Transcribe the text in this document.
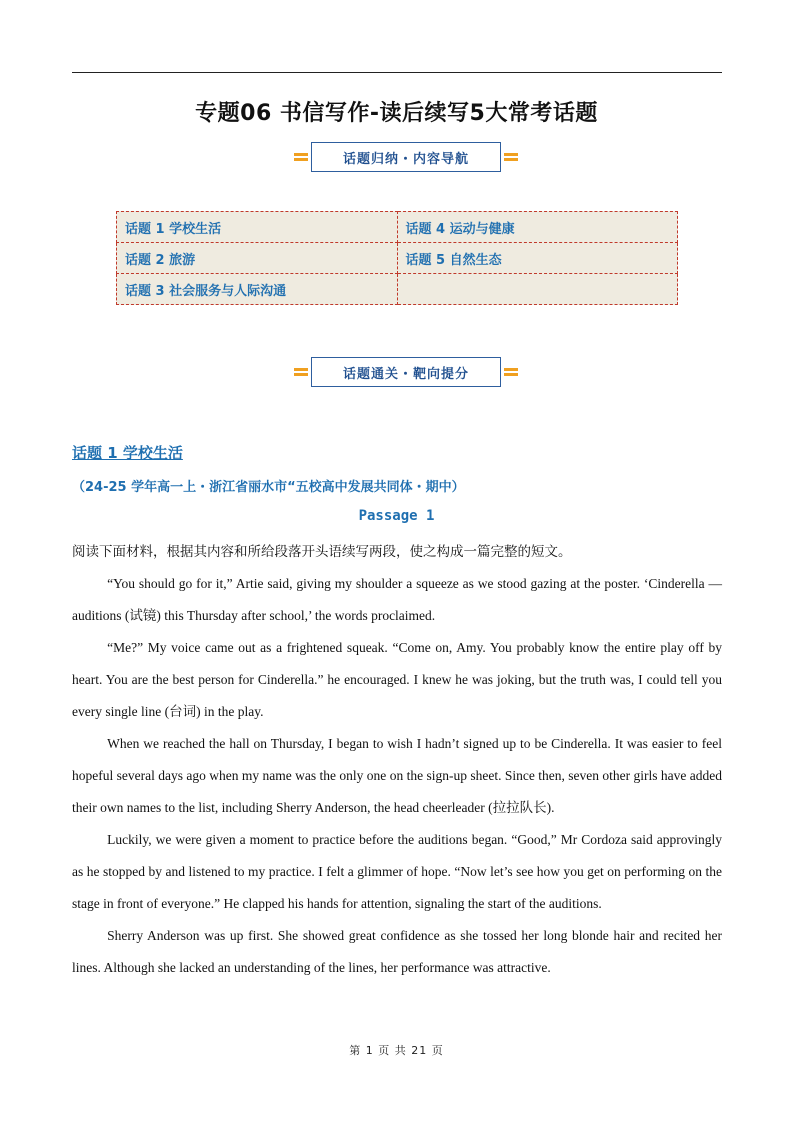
专题06 书信写作-读后续写5大常考话题
话题归纳・内容导航
话题 1 学校生活	话题 4 运动与健康
话题 2 旅游	话题 5 自然生态
话题 3 社会服务与人际沟通	
话题通关・靶向提分
话题 1 学校生活
（24-25 学年高一上・浙江省丽水市“五校高中发展共同体・期中）
Passage 1

阅读下面材料，根据其内容和所给段落开头语续写两段，使之构成一篇完整的短文。

“You should go for it,” Artie said, giving my shoulder a squeeze as we stood gazing at the poster. ‘Cinderella — auditions (试镜) this Thursday after school,’ the words proclaimed.

“Me?” My voice came out as a frightened squeak. “Come on, Amy. You probably know the entire play off by heart. You are the best person for Cinderella.” he encouraged. I knew he was joking, but the truth was, I could tell you every single line (台词) in the play.

When we reached the hall on Thursday, I began to wish I hadn’t signed up to be Cinderella. It was easier to feel hopeful several days ago when my name was the only one on the sign-up sheet. Since then, seven other girls have added their own names to the list, including Sherry Anderson, the head cheerleader (拉拉队长).

Luckily, we were given a moment to practice before the auditions began. “Good,” Mr Cordoza said approvingly as he stopped by and listened to my practice. I felt a glimmer of hope. “Now let’s see how you get on performing on the stage in front of everyone.” He clapped his hands for attention, signaling the start of the auditions.

Sherry Anderson was up first. She showed great confidence as she tossed her long blonde hair and recited her lines. Although she lacked an understanding of the lines, her performance was attractive.

第 1 页 共 21 页
